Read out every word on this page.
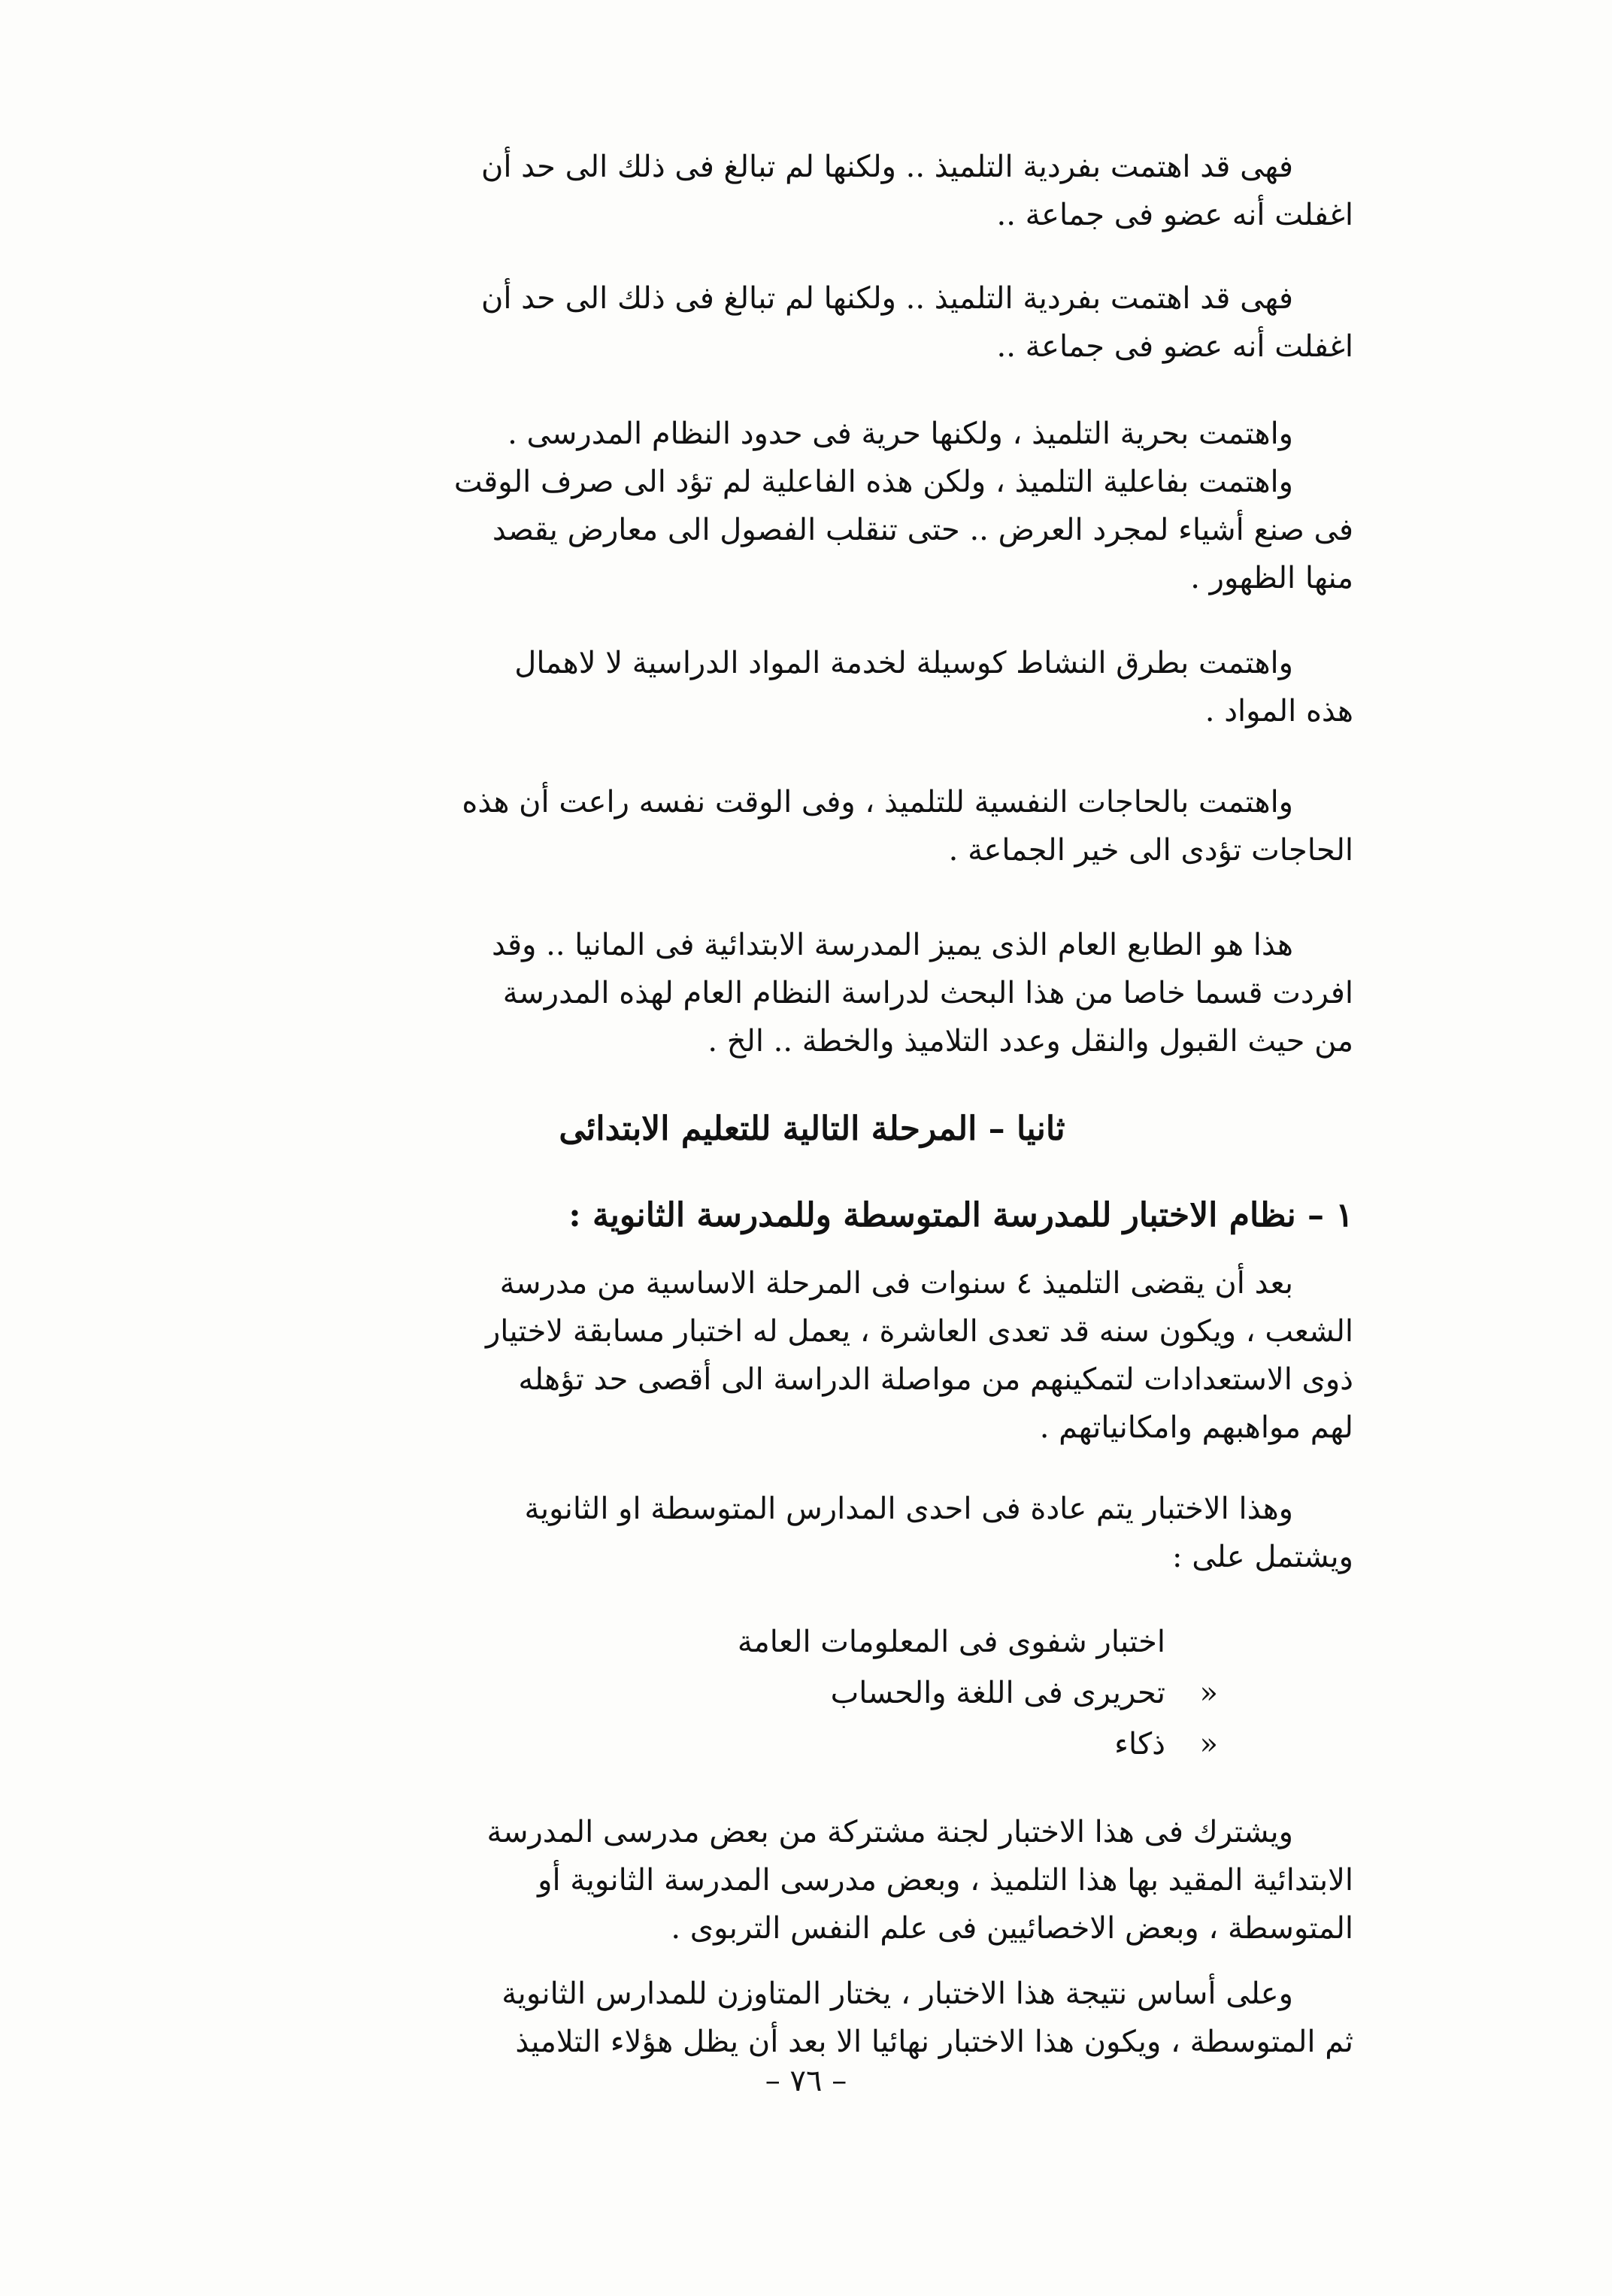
فهى قد اهتمت بفردية التلميذ .. ولكنها لم تبالغ فى ذلك الى حد أن
اغفلت أنه عضو فى جماعة ..
فهى قد اهتمت بفردية التلميذ .. ولكنها لم تبالغ فى ذلك الى حد أن
اغفلت أنه عضو فى جماعة ..
واهتمت بحرية التلميذ ، ولكنها حرية فى حدود النظام المدرسى .
واهتمت بفاعلية التلميذ ، ولكن هذه الفاعلية لم تؤد الى صرف الوقت
فى صنع أشياء لمجرد العرض .. حتى تنقلب الفصول الى معارض يقصد
منها الظهور .
واهتمت بطرق النشاط كوسيلة لخدمة المواد الدراسية لا لاهمال
هذه المواد .
واهتمت بالحاجات النفسية للتلميذ ، وفى الوقت نفسه راعت أن هذه
الحاجات تؤدى الى خير الجماعة .
هذا هو الطابع العام الذى يميز المدرسة الابتدائية فى المانيا .. وقد
افردت قسما خاصا من هذا البحث لدراسة النظام العام لهذه المدرسة
من حيث القبول والنقل وعدد التلاميذ والخطة .. الخ .
ثانيا – المرحلة التالية للتعليم الابتدائى
١ – نظام الاختبار للمدرسة المتوسطة وللمدرسة الثانوية :
بعد أن يقضى التلميذ ٤ سنوات فى المرحلة الاساسية من مدرسة
الشعب ، ويكون سنه قد تعدى العاشرة ، يعمل له اختبار مسابقة لاختيار
ذوى الاستعدادات لتمكينهم من مواصلة الدراسة الى أقصى حد تؤهله
لهم مواهبهم وامكانياتهم .
وهذا الاختبار يتم عادة فى احدى المدارس المتوسطة او الثانوية
ويشتمل على :
اختبار شفوى فى المعلومات العامة
«تحريرى فى اللغة والحساب
«ذكاء
ويشترك فى هذا الاختبار لجنة مشتركة من بعض مدرسى المدرسة
الابتدائية المقيد بها هذا التلميذ ، وبعض مدرسى المدرسة الثانوية أو
المتوسطة ، وبعض الاخصائيين فى علم النفس التربوى .
وعلى أساس نتيجة هذا الاختبار ، يختار المتاوزن للمدارس الثانوية
ثم المتوسطة ، ويكون هذا الاختبار نهائيا الا بعد أن يظل هؤلاء التلاميذ
– ٧٦ –
